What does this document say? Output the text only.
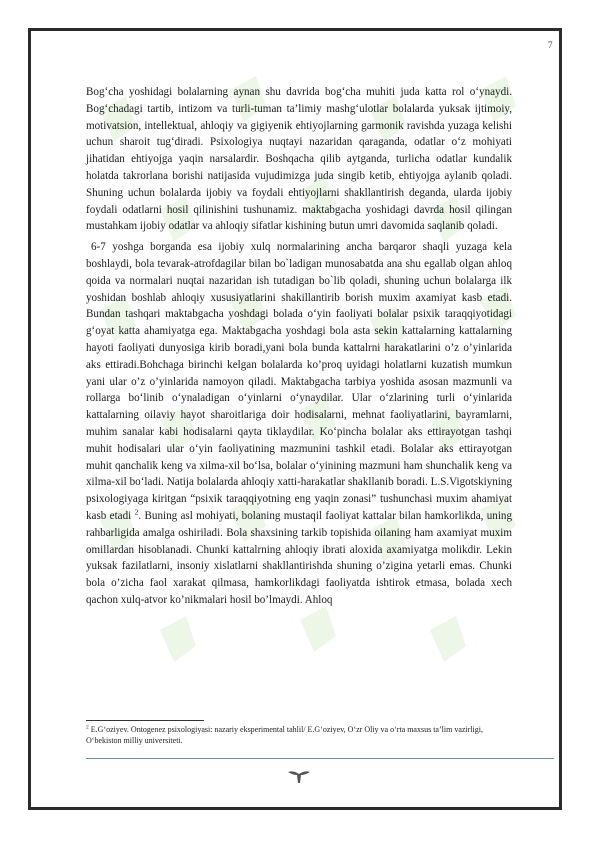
7

Bog‘cha yoshidagi bolalarning aynan shu davrida bog‘cha muhiti juda katta rol o‘ynaydi. Bog‘chadagi tartib, intizom va turli-tuman ta’limiy mashg‘ulotlar bolalarda yuksak ijtimoiy, motivatsion, intellektual, ahloqiy va gigiyenik ehtiyojlarning garmonik ravishda yuzaga kelishi uchun sharoit tug‘diradi. Psixologiya nuqtayi nazaridan qaraganda, odatlar o‘z mohiyati jihatidan ehtiyojga yaqin narsalardir. Boshqacha qilib aytganda, turlicha odatlar kundalik holatda takrorlana borishi natijasida vujudimizga juda singib ketib, ehtiyojga aylanib qoladi. Shuning uchun bolalarda ijobiy va foydali ehtiyojlarni shakllantirish deganda, ularda ijobiy foydali odatlarni hosil qilinishini tushunamiz. maktabgacha yoshidagi davrda hosil qilingan mustahkam ijobiy odatlar va ahloqiy sifatlar kishining butun umri davomida saqlanib qoladi.

6-7 yoshga borganda esa ijobiy xulq normalarining ancha barqaror shaqli yuzaga kela boshlaydi, bola tevarak-atrofdagilar bilan bo`ladigan munosabatda ana shu egallab olgan ahloq qoida va normalari nuqtai nazaridan ish tutadigan bo`lib qoladi, shuning uchun bolalarga ilk yoshidan boshlab ahloqiy xususiyatlarini shakillantirib borish muxim axamiyat kasb etadi. Bundan tashqari maktabgacha yoshdagi bolada o‘yin faoliyati bolalar psixik taraqqiyotidagi g‘oyat katta ahamiyatga ega. Maktabgacha yoshdagi bola asta sekin kattalarning kattalarning hayoti faoliyati dunyosiga kirib boradi,yani bola bunda kattalrni harakatlarini o’z o’yinlarida aks ettiradi.Bohchaga birinchi kelgan bolalarda ko’proq uyidagi holatlarni kuzatish mumkun yani ular o’z o’yinlarida namoyon qiladi. Maktabgacha tarbiya yoshida asosan mazmunli va rollarga bo‘linib o‘ynaladigan o‘yinlarni o‘ynaydilar. Ular o‘zlarining turli o‘yinlarida kattalarning oilaviy hayot sharoitlariga doir hodisalarni, mehnat faoliyatlarini, bayramlarni, muhim sanalar kabi hodisalarni qayta tiklaydilar. Ko‘pincha bolalar aks ettirayotgan tashqi muhit hodisalari ular o‘yin faoliyatining mazmunini tashkil etadi. Bolalar aks ettirayotgan muhit qanchalik keng va xilma-xil bo‘lsa, bolalar o‘yinining mazmuni ham shunchalik keng va xilma-xil bo‘ladi. Natija bolalarda ahloqiy xatti-harakatlar shakllanib boradi. L.S.Vigotskiyning psixologiyaga kiritgan “psixik taraqqiyotning eng yaqin zonasi” tushunchasi muxim ahamiyat kasb etadi $^2$. Buning asl mohiyati, bolaning mustaqil faoliyat kattalar bilan hamkorlikda, uning rahbarligida amalga oshiriladi. Bola shaxsining tarkib topishida oilaning ham axamiyat muxim omillardan hisoblanadi. Chunki kattalrning ahloqiy ibrati aloxida axamiyatga molikdir. Lekin yuksak fazilatlarni, insoniy xislatlarni shakllantirishda shuning o’zigina yetarli emas. Chunki bola o’zicha faol xarakat qilmasa, hamkorlikdagi faoliyatda ishtirok etmasa, bolada xech qachon xulq-atvor ko’nikmalari hosil bo’lmaydi. Ahloq

$^2$ E.G‘oziyev. Ontogenez psixologiyasi: nazariy eksperimental tahlil/ E.G‘oziyev, O‘zr Oliy va o‘rta maxsus ta’lim vazirligi, O‘bekiston milliy universiteti.
